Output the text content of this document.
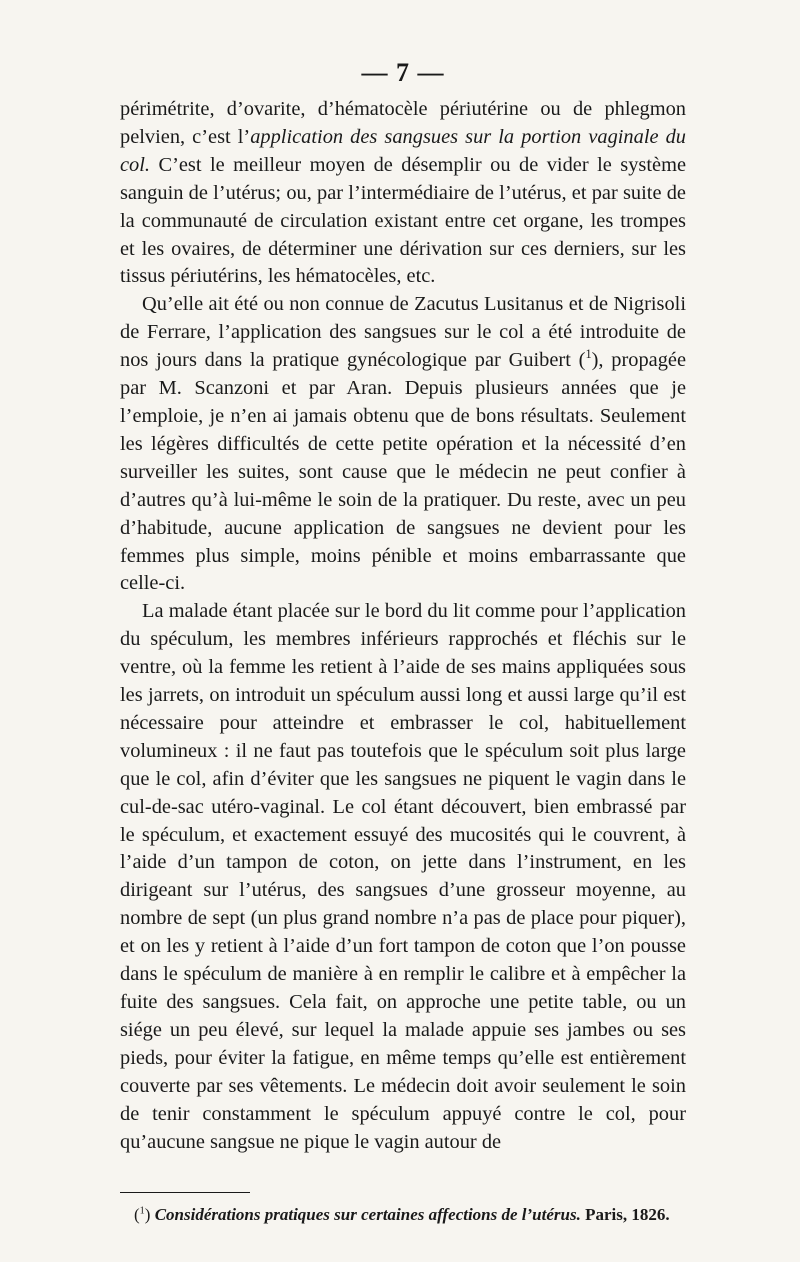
— 7 —

périmétrite, d’ovarite, d’hématocèle périutérine ou de phlegmon pelvien, c’est l’application des sangsues sur la portion vaginale du col. C’est le meilleur moyen de désemplir ou de vider le système sanguin de l’utérus; ou, par l’intermédiaire de l’utérus, et par suite de la communauté de circulation existant entre cet organe, les trompes et les ovaires, de déterminer une dérivation sur ces derniers, sur les tissus périutérins, les hématocèles, etc.

Qu’elle ait été ou non connue de Zacutus Lusitanus et de Nigrisoli de Ferrare, l’application des sangsues sur le col a été introduite de nos jours dans la pratique gynécologique par Guibert ($^1$), propagée par M. Scanzoni et par Aran. Depuis plusieurs années que je l’emploie, je n’en ai jamais obtenu que de bons résultats. Seulement les légères difficultés de cette petite opération et la nécessité d’en surveiller les suites, sont cause que le médecin ne peut confier à d’autres qu’à lui-même le soin de la pratiquer. Du reste, avec un peu d’habitude, aucune application de sangsues ne devient pour les femmes plus simple, moins pénible et moins embarrassante que celle-ci.

La malade étant placée sur le bord du lit comme pour l’application du spéculum, les membres inférieurs rapprochés et fléchis sur le ventre, où la femme les retient à l’aide de ses mains appliquées sous les jarrets, on introduit un spéculum aussi long et aussi large qu’il est nécessaire pour atteindre et embrasser le col, habituellement volumineux : il ne faut pas toutefois que le spéculum soit plus large que le col, afin d’éviter que les sangsues ne piquent le vagin dans le cul-de-sac utéro-vaginal. Le col étant découvert, bien embrassé par le spéculum, et exactement essuyé des mucosités qui le couvrent, à l’aide d’un tampon de coton, on jette dans l’instrument, en les dirigeant sur l’utérus, des sangsues d’une grosseur moyenne, au nombre de sept (un plus grand nombre n’a pas de place pour piquer), et on les y retient à l’aide d’un fort tampon de coton que l’on pousse dans le spéculum de manière à en remplir le calibre et à empêcher la fuite des sangsues. Cela fait, on approche une petite table, ou un siége un peu élevé, sur lequel la malade appuie ses jambes ou ses pieds, pour éviter la fatigue, en même temps qu’elle est entièrement couverte par ses vêtements. Le médecin doit avoir seulement le soin de tenir constamment le spéculum appuyé contre le col, pour qu’aucune sangsue ne pique le vagin autour de

($^1$) Considérations pratiques sur certaines affections de l’utérus. Paris, 1826.
